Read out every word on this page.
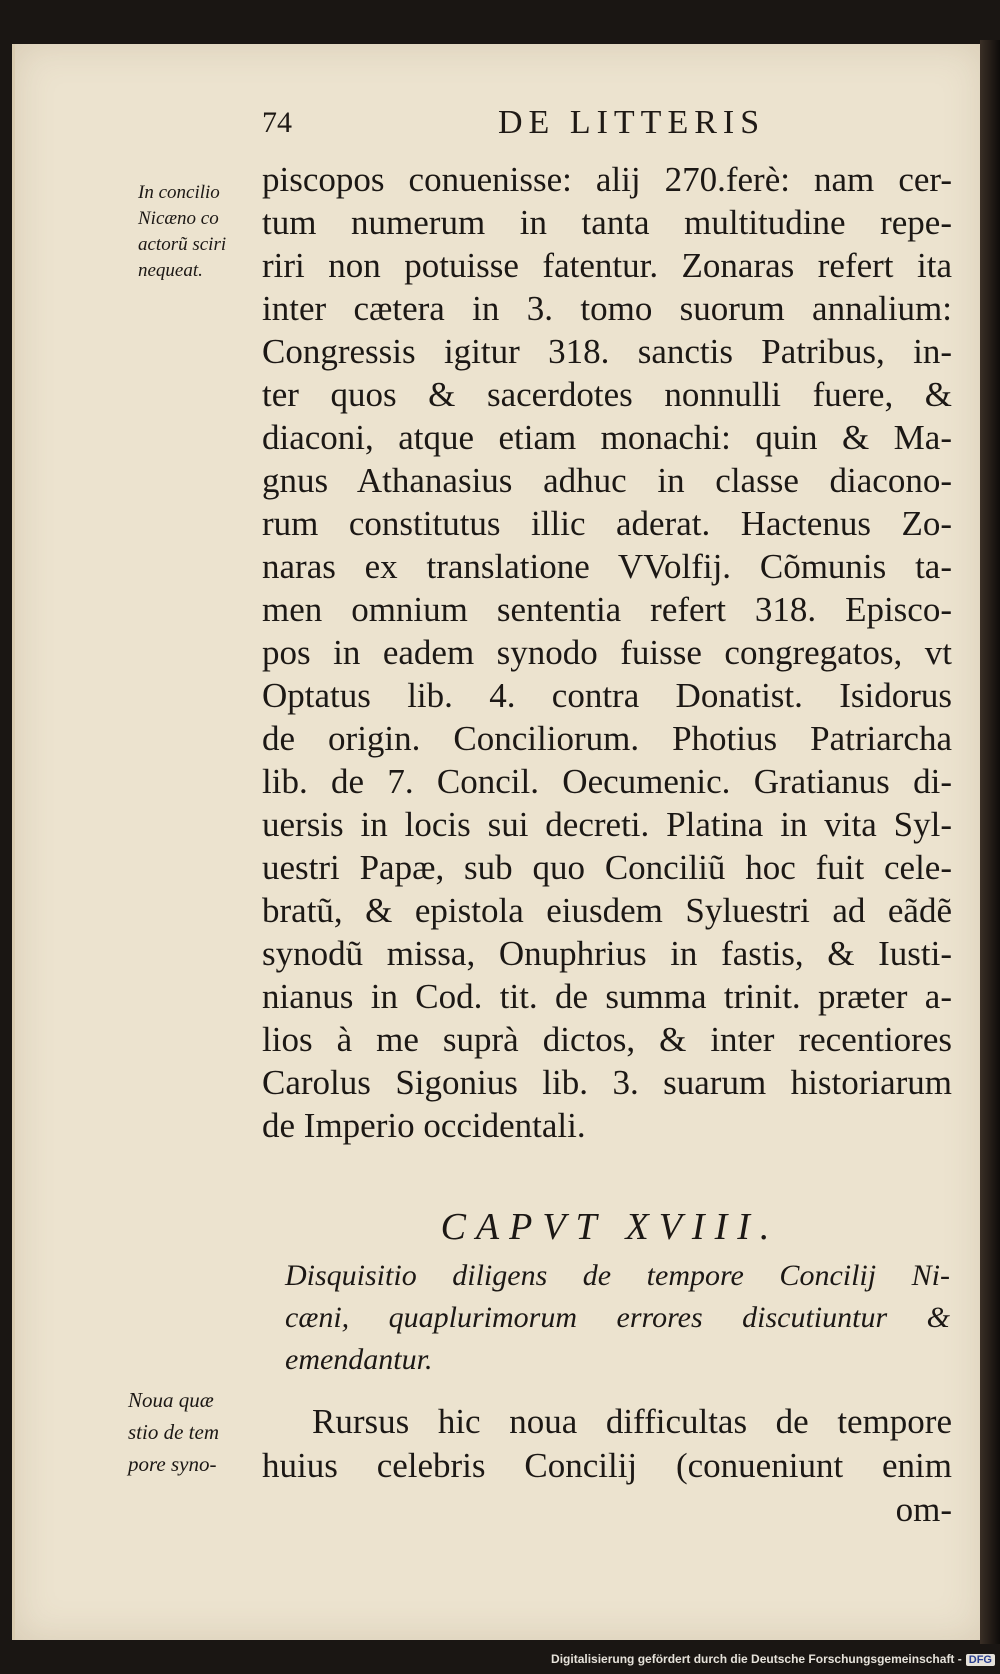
74	DE LITTERIS
In concilio
Nicæno co
actorũ sciri
nequeat.
piscopos conuenisse: alij 270.ferè: nam cer-
tum numerum in tanta multitudine repe-
riri non potuisse fatentur. Zonaras refert ita
inter cætera in 3. tomo suorum annalium:
Congressis igitur 318. sanctis Patribus, in-
ter quos & sacerdotes nonnulli fuere, &
diaconi, atque etiam monachi: quin & Ma-
gnus Athanasius adhuc in classe diacono-
rum constitutus illic aderat. Hactenus Zo-
naras ex translatione VVolfij. Cõmunis ta-
men omnium sententia refert 318. Episco-
pos in eadem synodo fuisse congregatos, vt
Optatus lib. 4. contra Donatist. Isidorus
de origin. Conciliorum. Photius Patriarcha
lib. de 7. Concil. Oecumenic. Gratianus di-
uersis in locis sui decreti. Platina in vita Syl-
uestri Papæ, sub quo Conciliũ hoc fuit cele-
bratũ, & epistola eiusdem Syluestri ad eãdẽ
synodũ missa, Onuphrius in fastis, & Iusti-
nianus in Cod. tit. de summa trinit. præter a-
lios à me suprà dictos, & inter recentiores
Carolus Sigonius lib. 3. suarum historiarum
de Imperio occidentali.
CAPVT XVIII.
Disquisitio diligens de tempore Concilij Ni-
cæni, quaplurimorum errores discutiuntur &
emendantur.
Noua quæ
stio de tem
pore syno-
Rursus hic noua difficultas de tempore
huius celebris Concilij (conueniunt enim
om-
Digitalisierung gefördert durch die Deutsche Forschungsgemeinschaft - DFG
